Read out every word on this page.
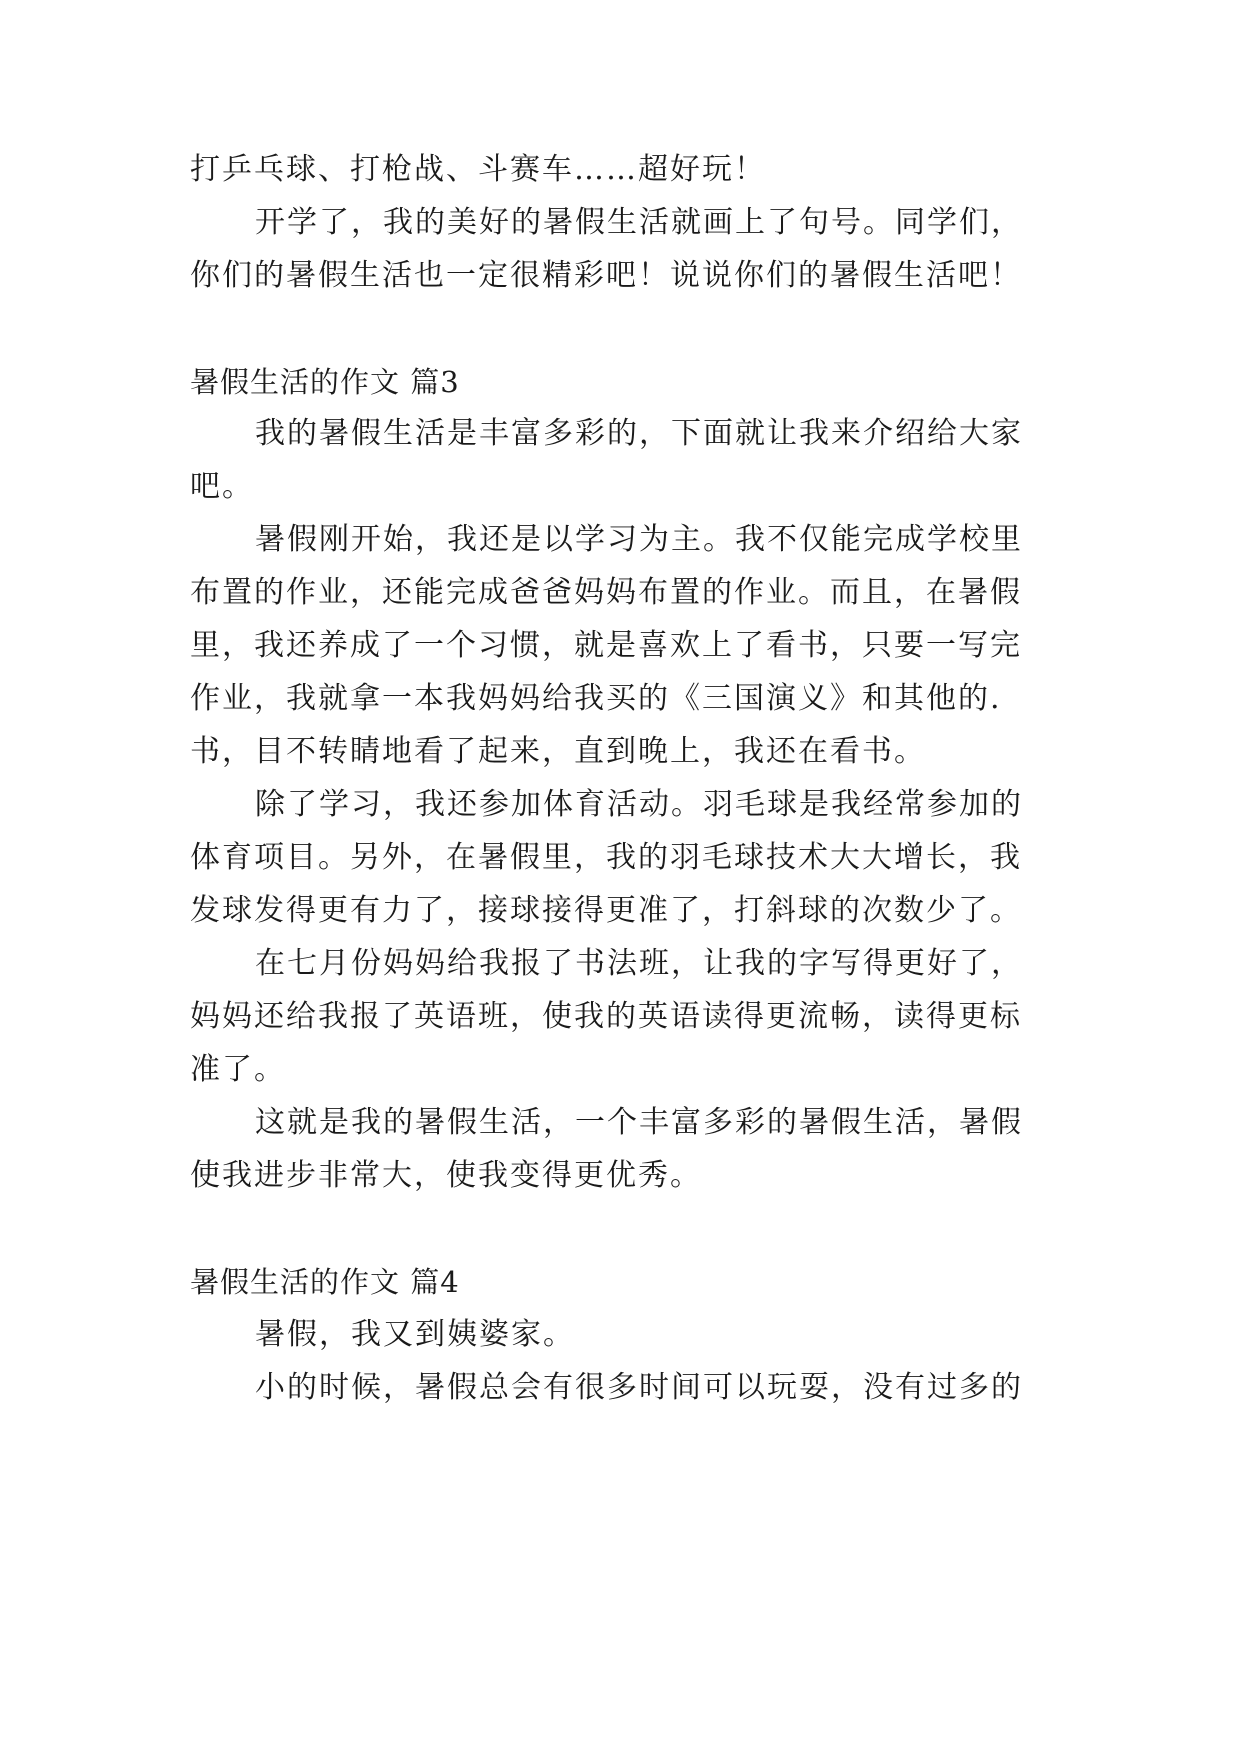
打乒乓球、打枪战、斗赛车……超好玩！
开学了，我的美好的暑假生活就画上了句号。同学们，
你们的暑假生活也一定很精彩吧！说说你们的暑假生活吧！
暑假生活的作文 篇3
我的暑假生活是丰富多彩的，下面就让我来介绍给大家
吧。
暑假刚开始，我还是以学习为主。我不仅能完成学校里
布置的作业，还能完成爸爸妈妈布置的作业。而且，在暑假
里，我还养成了一个习惯，就是喜欢上了看书，只要一写完
作业，我就拿一本我妈妈给我买的《三国演义》和其他的.
书，目不转睛地看了起来，直到晚上，我还在看书。
除了学习，我还参加体育活动。羽毛球是我经常参加的
体育项目。另外，在暑假里，我的羽毛球技术大大增长，我
发球发得更有力了，接球接得更准了，打斜球的次数少了。
在七月份妈妈给我报了书法班，让我的字写得更好了，
妈妈还给我报了英语班，使我的英语读得更流畅，读得更标
准了。
这就是我的暑假生活，一个丰富多彩的暑假生活，暑假
使我进步非常大，使我变得更优秀。
暑假生活的作文 篇4
暑假，我又到姨婆家。
小的时候，暑假总会有很多时间可以玩耍，没有过多的
